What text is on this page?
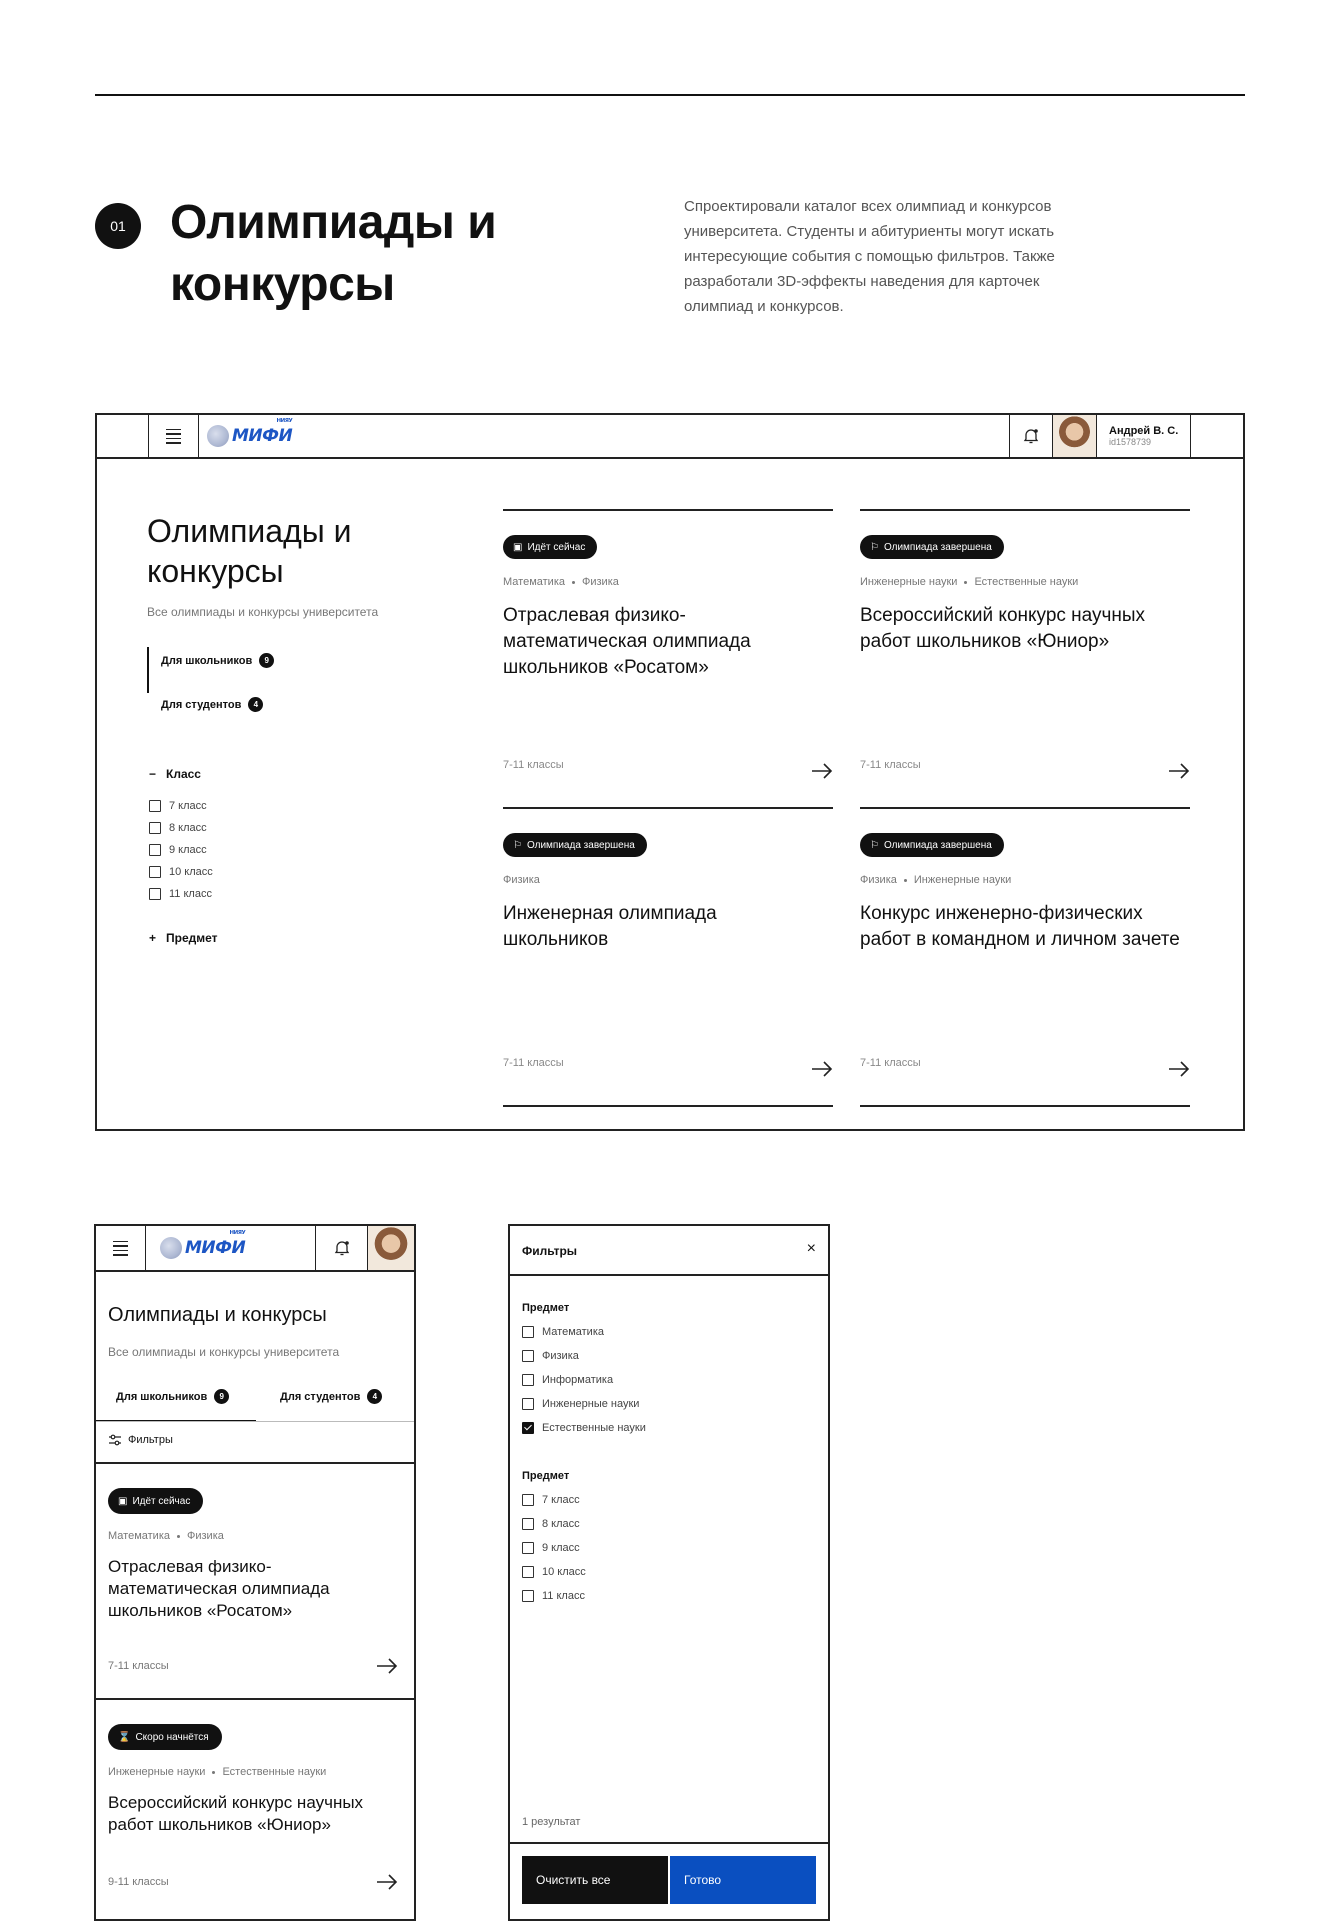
01 Олимпиады и конкурсы
Спроектировали каталог всех олимпиад и конкурсов университета. Студенты и абитуриенты могут искать интересующие события с помощью фильтров. Также разработали 3D-эффекты наведения для карточек олимпиад и конкурсов.
МИФИ
НИЯУ
Андрей В. С.
id1578739
Олимпиады и конкурсы
Все олимпиады и конкурсы университета
Для школьников	9
Для студентов	4
− Класс
7 класс
8 класс
9 класс
10 класс
11 класс
+ Предмет
▣ Идёт сейчас
Математика Физика
Отраслевая физико-математическая олимпиада школьников «Росатом»
7-11 классы
⚐ Олимпиада завершена
Инженерные науки Естественные науки
Всероссийский конкурс научных работ школьников «Юниор»
7-11 классы
⚐ Олимпиада завершена
Физика
Инженерная олимпиада школьников
7-11 классы
⚐ Олимпиада завершена
Физика Инженерные науки
Конкурс инженерно-физических работ в командном и личном зачете
7-11 классы
МИФИ
НИЯУ
Олимпиады и конкурсы
Все олимпиады и конкурсы университета
Для школьников	9	Для студентов	4
Фильтры
▣ Идёт сейчас
Математика Физика
Отраслевая физико-математическая олимпиада школьников «Росатом»
7-11 классы
⌛ Скоро начнётся
Инженерные науки Естественные науки
Всероссийский конкурс научных работ школьников «Юниор»
9-11 классы
Фильтры	×
Предмет
Математика
Физика
Информатика
Инженерные науки
Естественные науки
Предмет
7 класс
8 класс
9 класс
10 класс
11 класс
1 результат
Очистить все	Готово
